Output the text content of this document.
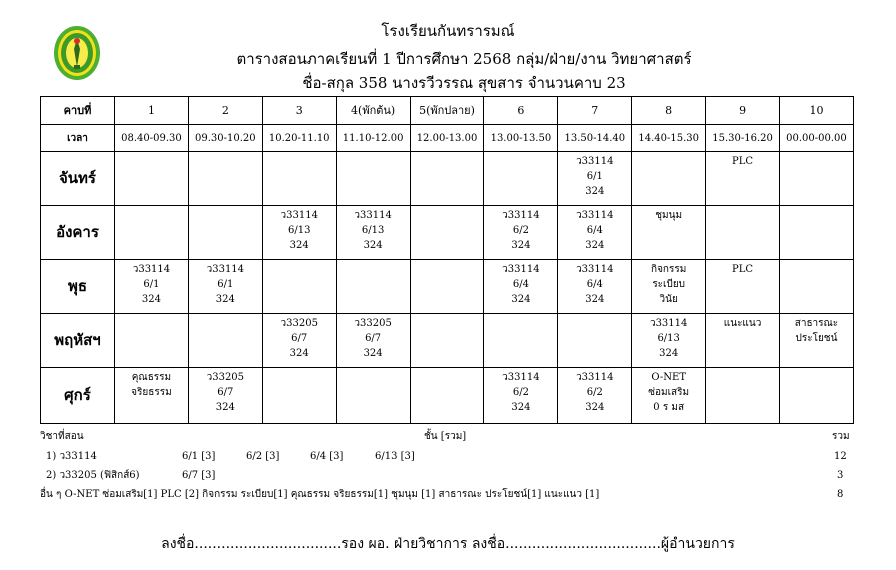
โรงเรียนกันทรารมณ์
ตารางสอนภาคเรียนที่ 1 ปีการศึกษา 2568 กลุ่ม/ฝ่าย/งาน วิทยาศาสตร์
ชื่อ-สกุล 358 นางรวีวรรณ สุขสาร จำนวนคาบ 23
คาบที่	1	2	3	4(พักต้น)	5(พักปลาย)	6	7	8	9	10
เวลา	08.40-09.30	09.30-10.20	10.20-11.10	11.10-12.00	12.00-13.00	13.00-13.50	13.50-14.40	14.40-15.30	15.30-16.20	00.00-00.00
จันทร์							ว33114
6/1
324		PLC	

อังคาร			ว33114
6/13
324	ว33114
6/13
324		ว33114
6/2
324	ว33114
6/4
324	ชุมนุม		

พุธ	ว33114
6/1
324	ว33114
6/1
324				ว33114
6/4
324	ว33114
6/4
324	กิจกรรม
ระเบียบ
วินัย	PLC	

พฤหัสฯ			ว33205
6/7
324	ว33205
6/7
324				ว33114
6/13
324	แนะแนว	สาธารณะ
ประโยชน์

ศุกร์	คุณธรรม
จริยธรรม	ว33205
6/7
324				ว33114
6/2
324	ว33114
6/2
324	O-NET
ซ่อมเสริม
0 ร มส		

วิชาที่สอน	ชั้น [รวม]	รวม
1) ว33114	6/1 [3]	6/2 [3]	6/4 [3]	6/13 [3]	12
2) ว33205 (ฟิสิกส์6)	6/7 [3]	3
อื่น ๆ O-NET ซ่อมเสริม[1] PLC [2] กิจกรรม ระเบียบ[1] คุณธรรม จริยธรรม[1] ชุมนุม [1] สาธารณะ ประโยชน์[1] แนะแนว [1]	8
ลงชื่อ.................................รอง ผอ. ฝ่ายวิชาการ ลงชื่อ...................................ผู้อำนวยการ
